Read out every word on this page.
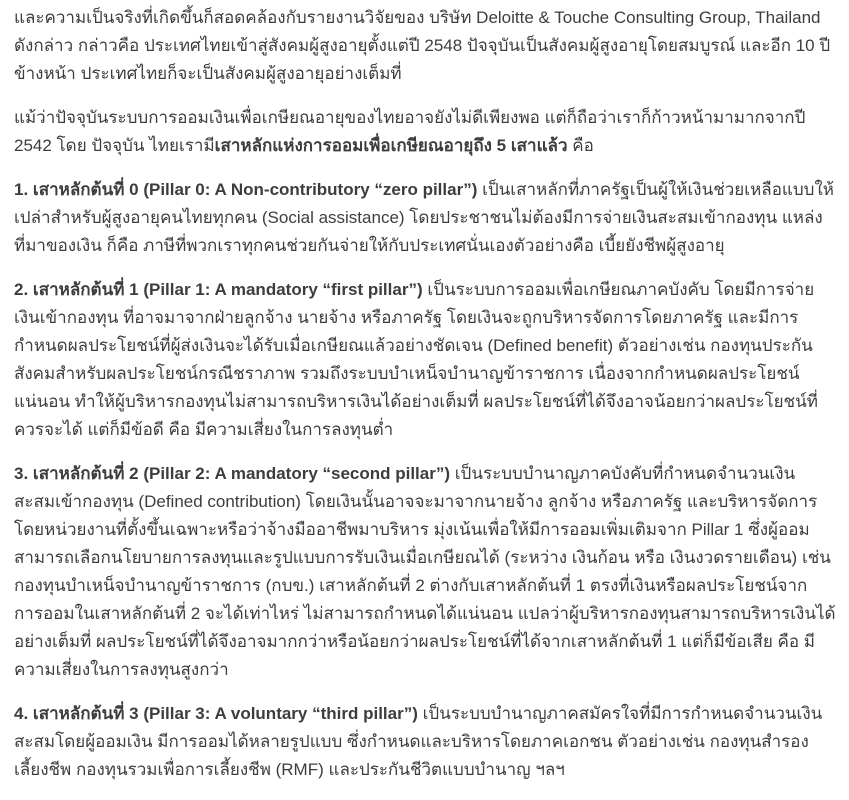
และความเป็นจริงที่เกิดขึ้นก็สอดคล้องกับรายงานวิจัยของ บริษัท Deloitte & Touche Consulting Group, Thailand ดังกล่าว กล่าวคือ ประเทศไทยเข้าสู่สังคมผู้สูงอายุตั้งแต่ปี 2548 ปัจจุบันเป็นสังคมผู้สูงอายุโดยสมบูรณ์ และอีก 10 ปีข้างหน้า ประเทศไทยก็จะเป็นสังคมผู้สูงอายุอย่างเต็มที่

แม้ว่าปัจจุบันระบบการออมเงินเพื่อเกษียณอายุของไทยอาจยังไม่ดีเพียงพอ แต่ก็ถือว่าเราก็ก้าวหน้ามามากจากปี 2542 โดย ปัจจุบัน ไทยเรามีเสาหลักแห่งการออมเพื่อเกษียณอายุถึง 5 เสาแล้ว คือ

1. เสาหลักต้นที่ 0 (Pillar 0: A Non-contributory “zero pillar”) เป็นเสาหลักที่ภาครัฐเป็นผู้ให้เงินช่วยเหลือแบบให้เปล่าสำหรับผู้สูงอายุคนไทยทุกคน (Social assistance) โดยประชาชนไม่ต้องมีการจ่ายเงินสะสมเข้ากองทุน แหล่งที่มาของเงิน ก็คือ ภาษีที่พวกเราทุกคนช่วยกันจ่ายให้กับประเทศนั่นเองตัวอย่างคือ เบี้ยยังชีพผู้สูงอายุ

2. เสาหลักต้นที่ 1 (Pillar 1: A mandatory “first pillar”) เป็นระบบการออมเพื่อเกษียณภาคบังคับ โดยมีการจ่ายเงินเข้ากองทุน ที่อาจมาจากฝ่ายลูกจ้าง นายจ้าง หรือภาครัฐ โดยเงินจะถูกบริหารจัดการโดยภาครัฐ และมีการกำหนดผลประโยชน์ที่ผู้ส่งเงินจะได้รับเมื่อเกษียณแล้วอย่างชัดเจน (Defined benefit) ตัวอย่างเช่น กองทุนประกันสังคมสำหรับผลประโยชน์กรณีชราภาพ รวมถึงระบบบำเหน็จบำนาญข้าราชการ เนื่องจากกำหนดผลประโยชน์แน่นอน ทำให้ผู้บริหารกองทุนไม่สามารถบริหารเงินได้อย่างเต็มที่ ผลประโยชน์ที่ได้จึงอาจน้อยกว่าผลประโยชน์ที่ควรจะได้ แต่ก็มีข้อดี คือ มีความเสี่ยงในการลงทุนต่ำ

3. เสาหลักต้นที่ 2 (Pillar 2: A mandatory “second pillar”) เป็นระบบบำนาญภาคบังคับที่กำหนดจำนวนเงินสะสมเข้ากองทุน (Defined contribution) โดยเงินนั้นอาจจะมาจากนายจ้าง ลูกจ้าง หรือภาครัฐ และบริหารจัดการโดยหน่วยงานที่ตั้งขึ้นเฉพาะหรือว่าจ้างมืออาชีพมาบริหาร มุ่งเน้นเพื่อให้มีการออมเพิ่มเติมจาก Pillar 1 ซึ่งผู้ออมสามารถเลือกนโยบายการลงทุนและรูปแบบการรับเงินเมื่อเกษียณได้ (ระหว่าง เงินก้อน หรือ เงินงวดรายเดือน) เช่น กองทุนบำเหน็จบำนาญข้าราชการ (กบข.) เสาหลักต้นที่ 2 ต่างกับเสาหลักต้นที่ 1 ตรงที่เงินหรือผลประโยชน์จากการออมในเสาหลักต้นที่ 2 จะได้เท่าไหร่ ไม่สามารถกำหนดได้แน่นอน แปลว่าผู้บริหารกองทุนสามารถบริหารเงินได้อย่างเต็มที่ ผลประโยชน์ที่ได้จึงอาจมากกว่าหรือน้อยกว่าผลประโยชน์ที่ได้จากเสาหลักต้นที่ 1 แต่ก็มีข้อเสีย คือ มีความเสี่ยงในการลงทุนสูงกว่า

4. เสาหลักต้นที่ 3 (Pillar 3: A voluntary “third pillar”) เป็นระบบบำนาญภาคสมัครใจที่มีการกำหนดจำนวนเงินสะสมโดยผู้ออมเงิน มีการออมได้หลายรูปแบบ ซึ่งกำหนดและบริหารโดยภาคเอกชน ตัวอย่างเช่น กองทุนสำรองเลี้ยงชีพ กองทุนรวมเพื่อการเลี้ยงชีพ (RMF) และประกันชีวิตแบบบำนาญ ฯลฯ
